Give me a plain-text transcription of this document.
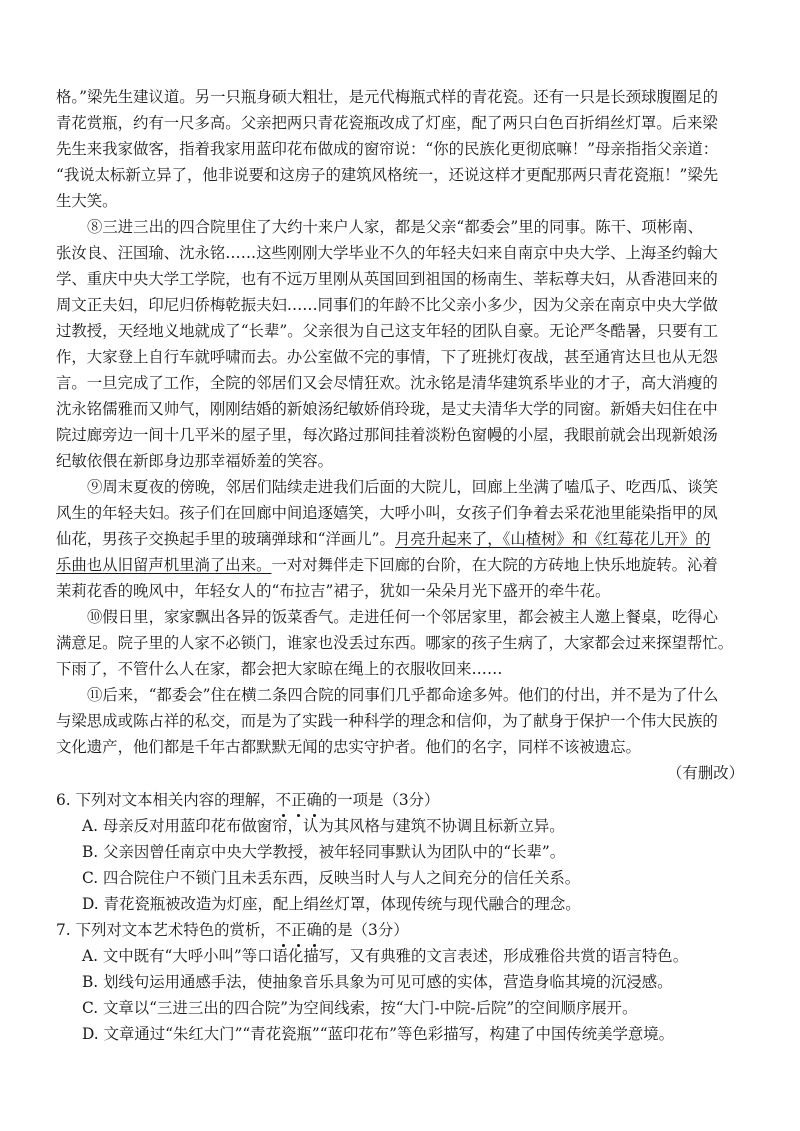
格。”梁先生建议道。另一只瓶身硕大粗壮，是元代梅瓶式样的青花瓷。还有一只是长颈球腹圈足的
青花赏瓶，约有一尺多高。父亲把两只青花瓷瓶改成了灯座，配了两只白色百折绢丝灯罩。后来梁
先生来我家做客，指着我家用蓝印花布做成的窗帘说：“你的民族化更彻底嘛！”母亲指指父亲道：
“我说太标新立异了，他非说要和这房子的建筑风格统一，还说这样才更配那两只青花瓷瓶！”梁先
生大笑。
⑧三进三出的四合院里住了大约十来户人家，都是父亲“都委会”里的同事。陈干、项彬南、
张汝良、汪国瑜、沈永铭……这些刚刚大学毕业不久的年轻夫妇来自南京中央大学、上海圣约翰大
学、重庆中央大学工学院，也有不远万里刚从英国回到祖国的杨南生、莘耘尊夫妇，从香港回来的
周文正夫妇，印尼归侨梅乾振夫妇……同事们的年龄不比父亲小多少，因为父亲在南京中央大学做
过教授，天经地义地就成了“长辈”。父亲很为自己这支年轻的团队自豪。无论严冬酷暑，只要有工
作，大家登上自行车就呼啸而去。办公室做不完的事情，下了班挑灯夜战，甚至通宵达旦也从无怨
言。一旦完成了工作，全院的邻居们又会尽情狂欢。沈永铭是清华建筑系毕业的才子，高大消瘦的
沈永铭儒雅而又帅气，刚刚结婚的新娘汤纪敏娇俏玲珑，是丈夫清华大学的同窗。新婚夫妇住在中
院过廊旁边一间十几平米的屋子里，每次路过那间挂着淡粉色窗幔的小屋，我眼前就会出现新娘汤
纪敏依偎在新郎身边那幸福娇羞的笑容。
⑨周末夏夜的傍晚，邻居们陆续走进我们后面的大院儿，回廊上坐满了嗑瓜子、吃西瓜、谈笑
风生的年轻夫妇。孩子们在回廊中间追逐嬉笑，大呼小叫，女孩子们争着去采花池里能染指甲的凤
仙花，男孩子交换起手里的玻璃弹球和“洋画儿”。月亮升起来了，《山楂树》和《红莓花儿开》的
乐曲也从旧留声机里淌了出来。一对对舞伴走下回廊的台阶，在大院的方砖地上快乐地旋转。沁着
茉莉花香的晚风中，年轻女人的“布拉吉”裙子，犹如一朵朵月光下盛开的牵牛花。
⑩假日里，家家飘出各异的饭菜香气。走进任何一个邻居家里，都会被主人邀上餐桌，吃得心
满意足。院子里的人家不必锁门，谁家也没丢过东西。哪家的孩子生病了，大家都会过来探望帮忙。
下雨了，不管什么人在家，都会把大家晾在绳上的衣服收回来……
⑪后来，“都委会”住在横二条四合院的同事们几乎都命途多舛。他们的付出，并不是为了什么
与梁思成或陈占祥的私交，而是为了实践一种科学的理念和信仰，为了献身于保护一个伟大民族的
文化遗产，他们都是千年古都默默无闻的忠实守护者。他们的名字，同样不该被遗忘。
（有删改）
6. 下列对文本相关内容的理解，不正确的一项是（3分）
A. 母亲反对用蓝印花布做窗帘，认为其风格与建筑不协调且标新立异。
B. 父亲因曾任南京中央大学教授，被年轻同事默认为团队中的“长辈”。
C. 四合院住户不锁门且未丢东西，反映当时人与人之间充分的信任关系。
D. 青花瓷瓶被改造为灯座，配上绢丝灯罩，体现传统与现代融合的理念。
7. 下列对文本艺术特色的赏析，不正确的是（3分）
A. 文中既有“大呼小叫”等口语化描写，又有典雅的文言表述，形成雅俗共赏的语言特色。
B. 划线句运用通感手法，使抽象音乐具象为可见可感的实体，营造身临其境的沉浸感。
C. 文章以“三进三出的四合院”为空间线索，按“大门-中院-后院”的空间顺序展开。
D. 文章通过“朱红大门”“青花瓷瓶”“蓝印花布”等色彩描写，构建了中国传统美学意境。
